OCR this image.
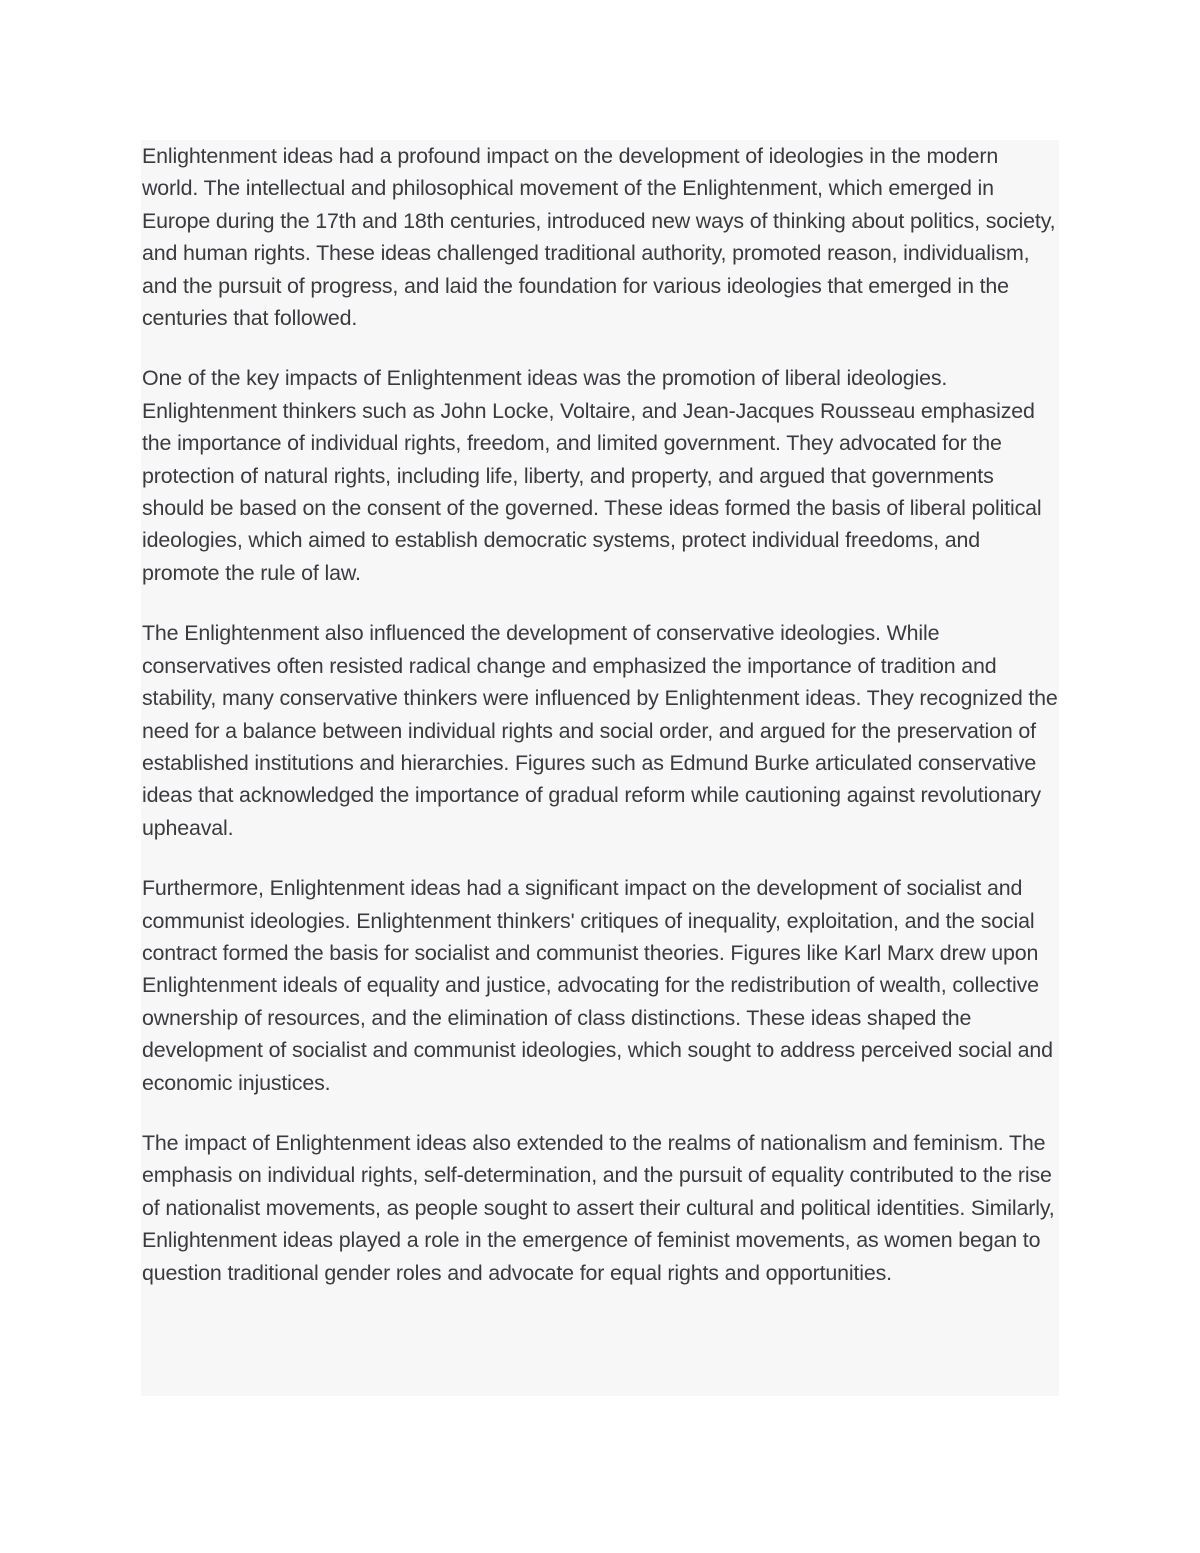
Enlightenment ideas had a profound impact on the development of ideologies in the modern world. The intellectual and philosophical movement of the Enlightenment, which emerged in Europe during the 17th and 18th centuries, introduced new ways of thinking about politics, society, and human rights. These ideas challenged traditional authority, promoted reason, individualism, and the pursuit of progress, and laid the foundation for various ideologies that emerged in the centuries that followed.

One of the key impacts of Enlightenment ideas was the promotion of liberal ideologies. Enlightenment thinkers such as John Locke, Voltaire, and Jean-Jacques Rousseau emphasized the importance of individual rights, freedom, and limited government. They advocated for the protection of natural rights, including life, liberty, and property, and argued that governments should be based on the consent of the governed. These ideas formed the basis of liberal political ideologies, which aimed to establish democratic systems, protect individual freedoms, and promote the rule of law.

The Enlightenment also influenced the development of conservative ideologies. While conservatives often resisted radical change and emphasized the importance of tradition and stability, many conservative thinkers were influenced by Enlightenment ideas. They recognized the need for a balance between individual rights and social order, and argued for the preservation of established institutions and hierarchies. Figures such as Edmund Burke articulated conservative ideas that acknowledged the importance of gradual reform while cautioning against revolutionary upheaval.

Furthermore, Enlightenment ideas had a significant impact on the development of socialist and communist ideologies. Enlightenment thinkers' critiques of inequality, exploitation, and the social contract formed the basis for socialist and communist theories. Figures like Karl Marx drew upon Enlightenment ideals of equality and justice, advocating for the redistribution of wealth, collective ownership of resources, and the elimination of class distinctions. These ideas shaped the development of socialist and communist ideologies, which sought to address perceived social and economic injustices.

The impact of Enlightenment ideas also extended to the realms of nationalism and feminism. The emphasis on individual rights, self-determination, and the pursuit of equality contributed to the rise of nationalist movements, as people sought to assert their cultural and political identities. Similarly, Enlightenment ideas played a role in the emergence of feminist movements, as women began to question traditional gender roles and advocate for equal rights and opportunities.
